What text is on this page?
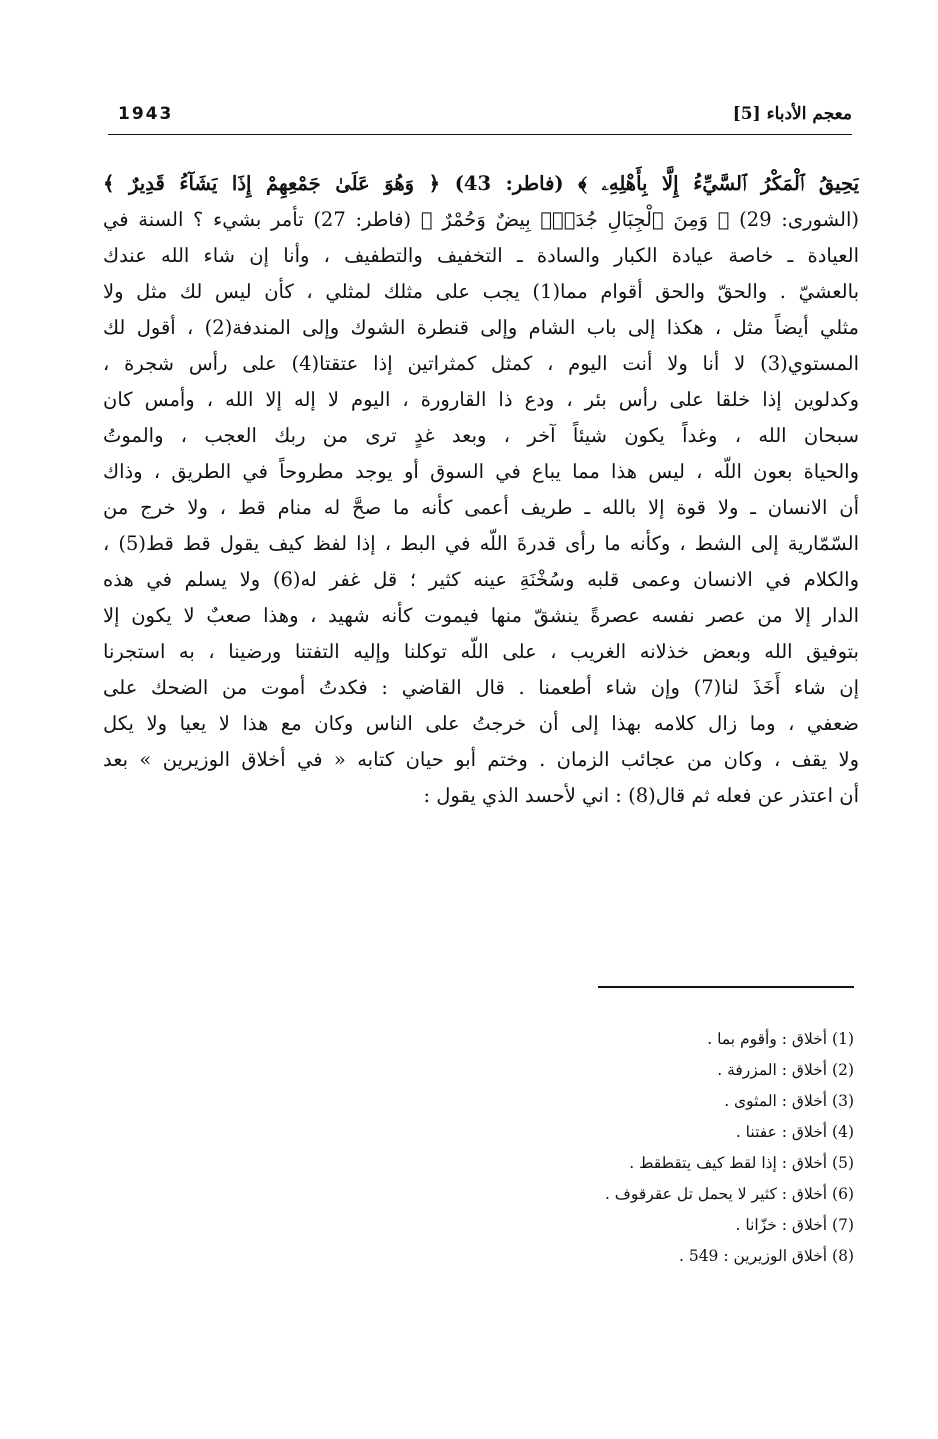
1943	معجم الأدباء [5]
يَحِيقُ ٱلْمَكْرُ ٱلسَّيِّءُ إِلَّا بِأَهْلِهِۦ ﴾ (فاطر: 43) ﴿ وَهُوَ عَلَىٰ جَمْعِهِمْ إِذَا يَشَآءُ قَدِيرٌ ﴾
(الشورى: 29) ﴿ وَمِنَ ٱلْجِبَالِ جُدَدٌۢ بِيضٌ وَحُمْرٌ ﴾ (فاطر: 27) تأمر بشيء ؟ السنة في
العيادة ـ خاصة عيادة الكبار والسادة ـ التخفيف والتطفيف ، وأنا إن شاء الله عندك
بالعشيّ . والحقّ والحق أقوام مما(1) يجب على مثلك لمثلي ، كأن ليس لك مثل ولا
مثلي أيضاً مثل ، هكذا إلى باب الشام وإلى قنطرة الشوك وإلى المندفة(2) ، أقول لك
المستوي(3) لا أنا ولا أنت اليوم ، كمثل كمثراتين إذا عتقتا(4) على رأس شجرة ،
وكدلوين إذا خلقا على رأس بئر ، ودع ذا القارورة ، اليوم لا إله إلا الله ، وأمس كان
سبحان الله ، وغداً يكون شيئاً آخر ، وبعد غدٍ ترى من ربك العجب ، والموتُ
والحياة بعون اللّه ، ليس هذا مما يباع في السوق أو يوجد مطروحاً في الطريق ، وذاك
أن الانسان ـ ولا قوة إلا بالله ـ طريف أعمى كأنه ما صحَّ له منام قط ، ولا خرج من
السّمّارية إلى الشط ، وكأنه ما رأى قدرةَ اللّه في البط ، إذا لفظ كيف يقول قط قط(5) ،
والكلام في الانسان وعمى قلبه وسُخْنَةِ عينه كثير ؛ قل غفر له(6) ولا يسلم في هذه
الدار إلا من عصر نفسه عصرةً ينشقّ منها فيموت كأنه شهيد ، وهذا صعبٌ لا يكون إلا
بتوفيق الله وبعض خذلانه الغريب ، على اللّه توكلنا وإليه التفتنا ورضينا ، به استجرنا
إن شاء أَخَذَ لنا(7) وإن شاء أطعمنا . قال القاضي : فكدتُ أموت من الضحك على
ضعفي ، وما زال كلامه بهذا إلى أن خرجتُ على الناس وكان مع هذا لا يعيا ولا يكل
ولا يقف ، وكان من عجائب الزمان . وختم أبو حيان كتابه « في أخلاق الوزيرين » بعد
أن اعتذر عن فعله ثم قال(8) : اني لأحسد الذي يقول :
(1) أخلاق : وأقوم بما .
(2) أخلاق : المزرفة .
(3) أخلاق : المثوى .
(4) أخلاق : عفتنا .
(5) أخلاق : إذا لقط كيف يتقطقط .
(6) أخلاق : كثير لا يحمل تل عقرقوف .
(7) أخلاق : خزّانا .
(8) أخلاق الوزيرين : 549 .
